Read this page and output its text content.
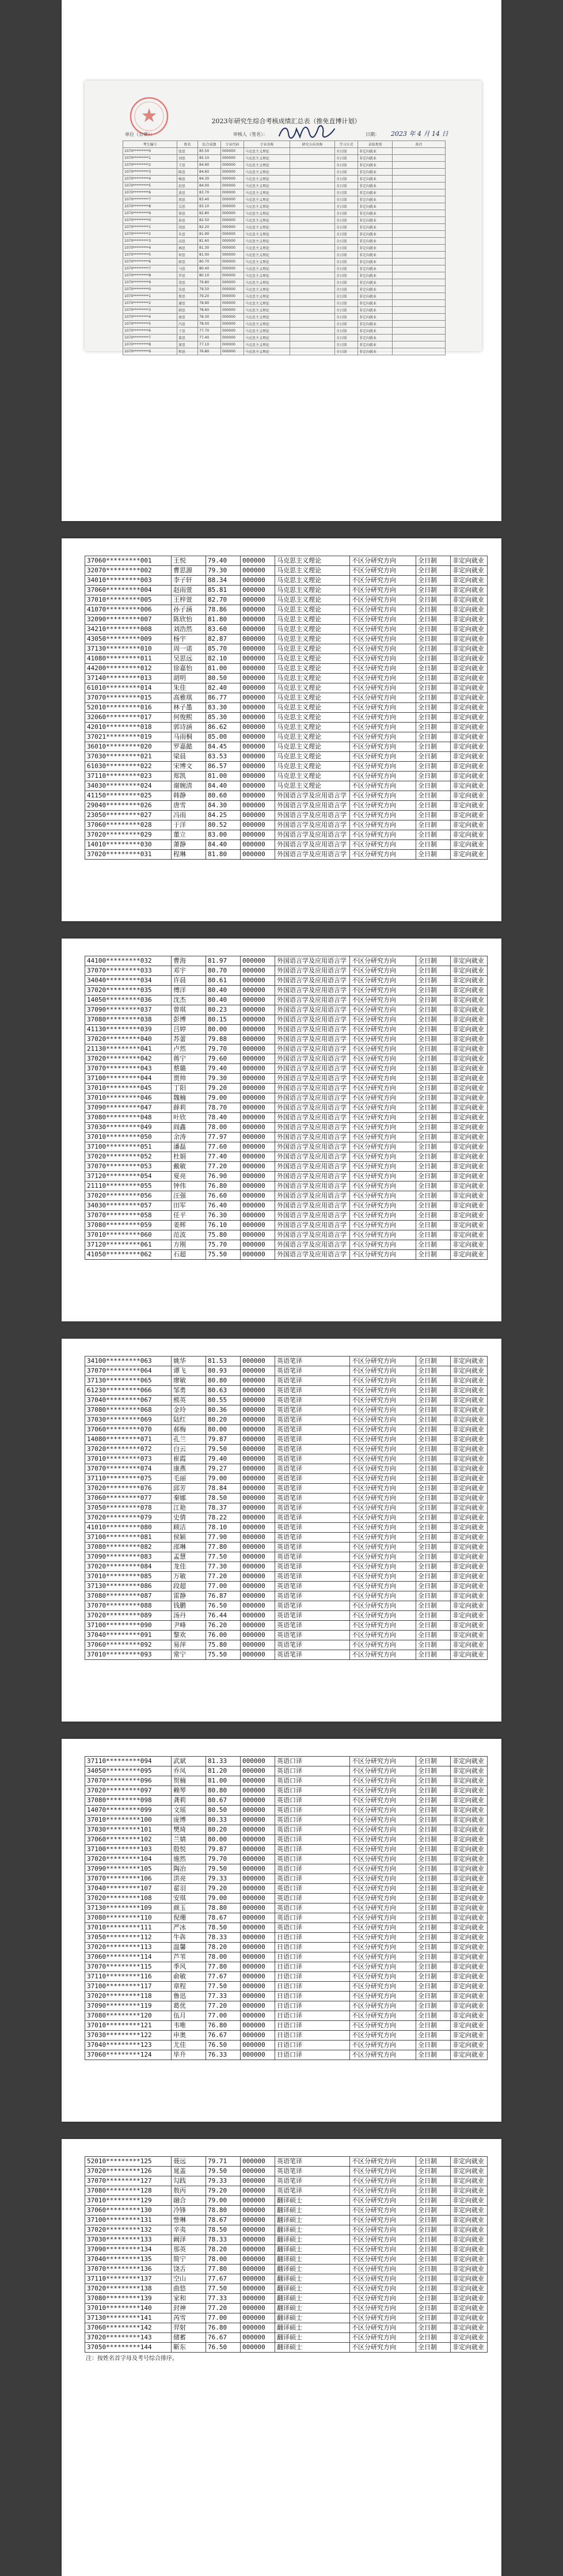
2023年研究生综合考核成绩汇总表（推免直博计划）
单位（公章）：	审核人（签名）：	日期： 2023 年 4 月 14 日
考生编号	姓名	综合成绩	专业代码	专业名称	研究方向名称	学习方式	录取类别	备注
1070*********0	张思	85.50	000000	马克思主义理论		全日制	非定向就业	
1070*********1	刘思	85.10	000000	马克思主义理论		全日制	非定向就业	
1070*********2	王思	84.90	000000	马克思主义理论		全日制	非定向就业	
1070*********3	陈思	84.60	000000	马克思主义理论		全日制	非定向就业	
1070*********4	杨思	84.30	000000	马克思主义理论		全日制	非定向就业	
1070*********5	赵思	84.00	000000	马克思主义理论		全日制	非定向就业	
1070*********6	黄思	83.70	000000	马克思主义理论		全日制	非定向就业	
1070*********7	周思	83.40	000000	马克思主义理论		全日制	非定向就业	
1070*********8	吴思	83.10	000000	马克思主义理论		全日制	非定向就业	
1070*********9	徐思	82.80	000000	马克思主义理论		全日制	非定向就业	
1070*********0	孙思	82.50	000000	马克思主义理论		全日制	非定向就业	
1070*********1	胡思	82.20	000000	马克思主义理论		全日制	非定向就业	
1070*********2	朱思	81.90	000000	马克思主义理论		全日制	非定向就业	
1070*********3	高思	81.60	000000	马克思主义理论		全日制	非定向就业	
1070*********4	林思	81.30	000000	马克思主义理论		全日制	非定向就业	
1070*********5	何思	81.00	000000	马克思主义理论		全日制	非定向就业	
1070*********6	郭思	80.70	000000	马克思主义理论		全日制	非定向就业	
1070*********7	马思	80.40	000000	马克思主义理论		全日制	非定向就业	
1070*********8	罗思	80.10	000000	马克思主义理论		全日制	非定向就业	
1070*********9	梁思	79.80	000000	马克思主义理论		全日制	非定向就业	
1070*********0	宋思	79.50	000000	马克思主义理论		全日制	非定向就业	
1070*********1	郑思	79.20	000000	马克思主义理论		全日制	非定向就业	
1070*********2	谢思	78.90	000000	马克思主义理论		全日制	非定向就业	
1070*********3	韩思	78.60	000000	马克思主义理论		全日制	非定向就业	
1070*********4	唐思	78.30	000000	马克思主义理论		全日制	非定向就业	
1070*********5	冯思	78.00	000000	马克思主义理论		全日制	非定向就业	
1070*********6	于思	77.70	000000	马克思主义理论		全日制	非定向就业	
1070*********7	董思	77.40	000000	马克思主义理论		全日制	非定向就业	
1070*********8	萧思	77.10	000000	马克思主义理论		全日制	非定向就业	
1070*********9	程思	76.80	000000	马克思主义理论		全日制	非定向就业	
37060*********001	王悦	79.40	000000	马克思主义理论	不区分研究方向	全日制	非定向就业
32070*********002	曹思源	79.30	000000	马克思主义理论	不区分研究方向	全日制	非定向就业
34010*********003	李子轩	88.34	000000	马克思主义理论	不区分研究方向	全日制	非定向就业
37060*********004	赵雨萱	85.81	000000	马克思主义理论	不区分研究方向	全日制	非定向就业
37010*********005	王梓萱	82.70	000000	马克思主义理论	不区分研究方向	全日制	非定向就业
41070*********006	孙子涵	78.86	000000	马克思主义理论	不区分研究方向	全日制	非定向就业
32090*********007	陈欣怡	81.80	000000	马克思主义理论	不区分研究方向	全日制	非定向就业
34210*********008	刘浩然	83.60	000000	马克思主义理论	不区分研究方向	全日制	非定向就业
43050*********009	杨宇	82.87	000000	马克思主义理论	不区分研究方向	全日制	非定向就业
37130*********010	周一诺	85.70	000000	马克思主义理论	不区分研究方向	全日制	非定向就业
41080*********011	吴思远	82.10	000000	马克思主义理论	不区分研究方向	全日制	非定向就业
44200*********012	徐嘉怡	81.00	000000	马克思主义理论	不区分研究方向	全日制	非定向就业
37140*********013	胡明	80.50	000000	马克思主义理论	不区分研究方向	全日制	非定向就业
61010*********014	朱佳	82.40	000000	马克思主义理论	不区分研究方向	全日制	非定向就业
37070*********015	高雅琪	86.77	000000	马克思主义理论	不区分研究方向	全日制	非定向就业
52010*********016	林子墨	83.30	000000	马克思主义理论	不区分研究方向	全日制	非定向就业
32060*********017	何俊熙	85.30	000000	马克思主义理论	不区分研究方向	全日制	非定向就业
42010*********018	郭诗涵	86.62	000000	马克思主义理论	不区分研究方向	全日制	非定向就业
37021*********019	马雨桐	85.00	000000	马克思主义理论	不区分研究方向	全日制	非定向就业
36010*********020	罗嘉懿	84.45	000000	马克思主义理论	不区分研究方向	全日制	非定向就业
37030*********021	梁晨	83.53	000000	马克思主义理论	不区分研究方向	全日制	非定向就业
61030*********022	宋博文	86.57	000000	马克思主义理论	不区分研究方向	全日制	非定向就业
37110*********023	郑凯	81.00	000000	马克思主义理论	不区分研究方向	全日制	非定向就业
34030*********024	谢婉清	84.40	000000	马克思主义理论	不区分研究方向	全日制	非定向就业
41150*********025	韩静	80.60	000000	外国语言学及应用语言学	不区分研究方向	全日制	非定向就业
29040*********026	唐雪	84.30	000000	外国语言学及应用语言学	不区分研究方向	全日制	非定向就业
23050*********027	冯雨	84.25	000000	外国语言学及应用语言学	不区分研究方向	全日制	非定向就业
37060*********028	于洋	80.52	000000	外国语言学及应用语言学	不区分研究方向	全日制	非定向就业
37020*********029	董立	83.00	000000	外国语言学及应用语言学	不区分研究方向	全日制	非定向就业
14010*********030	萧静	84.40	000000	外国语言学及应用语言学	不区分研究方向	全日制	非定向就业
37020*********031	程琳	81.80	000000	外国语言学及应用语言学	不区分研究方向	全日制	非定向就业
44100*********032	曹海	81.97	000000	外国语言学及应用语言学	不区分研究方向	全日制	非定向就业
37070*********033	邓宇	80.70	000000	外国语言学及应用语言学	不区分研究方向	全日制	非定向就业
34040*********034	许晨	80.61	000000	外国语言学及应用语言学	不区分研究方向	全日制	非定向就业
37020*********035	傅洋	80.40	000000	外国语言学及应用语言学	不区分研究方向	全日制	非定向就业
14050*********036	沈杰	80.40	000000	外国语言学及应用语言学	不区分研究方向	全日制	非定向就业
37090*********037	曾琪	80.23	000000	外国语言学及应用语言学	不区分研究方向	全日制	非定向就业
37080*********038	彭博	80.15	000000	外国语言学及应用语言学	不区分研究方向	全日制	非定向就业
41130*********039	吕婷	80.00	000000	外国语言学及应用语言学	不区分研究方向	全日制	非定向就业
37020*********040	苏蕾	79.88	000000	外国语言学及应用语言学	不区分研究方向	全日制	非定向就业
21130*********041	卢然	79.70	000000	外国语言学及应用语言学	不区分研究方向	全日制	非定向就业
37020*********042	蒋宁	79.60	000000	外国语言学及应用语言学	不区分研究方向	全日制	非定向就业
37070*********043	蔡璐	79.40	000000	外国语言学及应用语言学	不区分研究方向	全日制	非定向就业
37100*********044	贾帅	79.30	000000	外国语言学及应用语言学	不区分研究方向	全日制	非定向就业
37010*********045	丁阳	79.20	000000	外国语言学及应用语言学	不区分研究方向	全日制	非定向就业
37010*********046	魏楠	79.00	000000	外国语言学及应用语言学	不区分研究方向	全日制	非定向就业
37090*********047	薛莉	78.70	000000	外国语言学及应用语言学	不区分研究方向	全日制	非定向就业
37080*********048	叶欣	78.40	000000	外国语言学及应用语言学	不区分研究方向	全日制	非定向就业
37030*********049	阎鑫	78.00	000000	外国语言学及应用语言学	不区分研究方向	全日制	非定向就业
37010*********050	余涛	77.97	000000	外国语言学及应用语言学	不区分研究方向	全日制	非定向就业
37100*********051	潘磊	77.60	000000	外国语言学及应用语言学	不区分研究方向	全日制	非定向就业
37020*********052	杜娟	77.40	000000	外国语言学及应用语言学	不区分研究方向	全日制	非定向就业
37070*********053	戴敏	77.20	000000	外国语言学及应用语言学	不区分研究方向	全日制	非定向就业
37120*********054	夏亮	76.90	000000	外国语言学及应用语言学	不区分研究方向	全日制	非定向就业
21110*********055	钟伟	76.80	000000	外国语言学及应用语言学	不区分研究方向	全日制	非定向就业
37020*********056	汪强	76.60	000000	外国语言学及应用语言学	不区分研究方向	全日制	非定向就业
34030*********057	田军	76.40	000000	外国语言学及应用语言学	不区分研究方向	全日制	非定向就业
37070*********058	任平	76.30	000000	外国语言学及应用语言学	不区分研究方向	全日制	非定向就业
37080*********059	姜辉	76.10	000000	外国语言学及应用语言学	不区分研究方向	全日制	非定向就业
37010*********060	范波	75.80	000000	外国语言学及应用语言学	不区分研究方向	全日制	非定向就业
37120*********061	方刚	75.70	000000	外国语言学及应用语言学	不区分研究方向	全日制	非定向就业
41050*********062	石超	75.50	000000	外国语言学及应用语言学	不区分研究方向	全日制	非定向就业
34100*********063	姚华	81.53	000000	英语笔译	不区分研究方向	全日制	非定向就业
37070*********064	谭飞	80.93	000000	英语笔译	不区分研究方向	全日制	非定向就业
37130*********065	廖敏	80.80	000000	英语笔译	不区分研究方向	全日制	非定向就业
61230*********066	邹勇	80.63	000000	英语笔译	不区分研究方向	全日制	非定向就业
37040*********067	熊英	80.55	000000	英语笔译	不区分研究方向	全日制	非定向就业
37080*********068	金玲	80.36	000000	英语笔译	不区分研究方向	全日制	非定向就业
37030*********069	陆红	80.20	000000	英语笔译	不区分研究方向	全日制	非定向就业
37060*********070	郝梅	80.00	000000	英语笔译	不区分研究方向	全日制	非定向就业
14080*********071	孔兰	79.87	000000	英语笔译	不区分研究方向	全日制	非定向就业
37020*********072	白云	79.50	000000	英语笔译	不区分研究方向	全日制	非定向就业
37010*********073	崔霞	79.40	000000	英语笔译	不区分研究方向	全日制	非定向就业
37070*********074	康燕	79.27	000000	英语笔译	不区分研究方向	全日制	非定向就业
37110*********075	毛丽	79.00	000000	英语笔译	不区分研究方向	全日制	非定向就业
37020*********076	邱芳	78.84	000000	英语笔译	不区分研究方向	全日制	非定向就业
37060*********077	秦娜	78.50	000000	英语笔译	不区分研究方向	全日制	非定向就业
37050*********078	江艳	78.37	000000	英语笔译	不区分研究方向	全日制	非定向就业
37020*********079	史倩	78.22	000000	英语笔译	不区分研究方向	全日制	非定向就业
41010*********080	顾洁	78.10	000000	英语笔译	不区分研究方向	全日制	非定向就业
37100*********081	侯颖	77.90	000000	英语笔译	不区分研究方向	全日制	非定向就业
37080*********082	邵琳	77.80	000000	英语笔译	不区分研究方向	全日制	非定向就业
37090*********083	孟慧	77.50	000000	英语笔译	不区分研究方向	全日制	非定向就业
37020*********084	龙佳	77.30	000000	英语笔译	不区分研究方向	全日制	非定向就业
37010*********085	万敏	77.20	000000	英语笔译	不区分研究方向	全日制	非定向就业
37130*********086	段超	77.00	000000	英语笔译	不区分研究方向	全日制	非定向就业
37080*********087	雷静	76.87	000000	英语笔译	不区分研究方向	全日制	非定向就业
37070*********088	钱鹏	76.50	000000	英语笔译	不区分研究方向	全日制	非定向就业
37020*********089	汤丹	76.44	000000	英语笔译	不区分研究方向	全日制	非定向就业
37100*********090	尹峰	76.20	000000	英语笔译	不区分研究方向	全日制	非定向就业
37040*********091	黎欢	76.00	000000	英语笔译	不区分研究方向	全日制	非定向就业
37060*********092	易萍	75.80	000000	英语笔译	不区分研究方向	全日制	非定向就业
37010*********093	常宁	75.50	000000	英语笔译	不区分研究方向	全日制	非定向就业
37110*********094	武斌	81.33	000000	英语口译	不区分研究方向	全日制	非定向就业
34050*********095	乔凤	81.20	000000	英语口译	不区分研究方向	全日制	非定向就业
37070*********096	贺楠	81.00	000000	英语口译	不区分研究方向	全日制	非定向就业
37020*********097	赖琴	80.80	000000	英语口译	不区分研究方向	全日制	非定向就业
37080*********098	龚莉	80.67	000000	英语口译	不区分研究方向	全日制	非定向就业
14070*********099	文瑶	80.50	000000	英语口译	不区分研究方向	全日制	非定向就业
37010*********100	庞博	80.33	000000	英语口译	不区分研究方向	全日制	非定向就业
37030*********101	樊琦	80.20	000000	英语口译	不区分研究方向	全日制	非定向就业
37060*********102	兰婧	80.00	000000	英语口译	不区分研究方向	全日制	非定向就业
37100*********103	殷悦	79.87	000000	英语口译	不区分研究方向	全日制	非定向就业
37020*********104	施然	79.70	000000	英语口译	不区分研究方向	全日制	非定向就业
37090*********105	陶冶	79.50	000000	英语口译	不区分研究方向	全日制	非定向就业
37070*********106	洪亮	79.33	000000	英语口译	不区分研究方向	全日制	非定向就业
37040*********107	翟羽	79.20	000000	英语口译	不区分研究方向	全日制	非定向就业
37020*********108	安琪	79.00	000000	英语口译	不区分研究方向	全日制	非定向就业
37130*********109	颜玉	78.80	000000	英语口译	不区分研究方向	全日制	非定向就业
37080*********110	倪珊	78.67	000000	英语口译	不区分研究方向	全日制	非定向就业
37010*********111	严冰	78.50	000000	英语口译	不区分研究方向	全日制	非定向就业
37050*********112	牛犇	78.33	000000	日语口译	不区分研究方向	全日制	非定向就业
37020*********113	温馨	78.20	000000	日语口译	不区分研究方向	全日制	非定向就业
37060*********114	芦苇	78.00	000000	日语口译	不区分研究方向	全日制	非定向就业
37070*********115	季风	77.80	000000	日语口译	不区分研究方向	全日制	非定向就业
37110*********116	俞敏	77.67	000000	日语口译	不区分研究方向	全日制	非定向就业
37100*********117	章程	77.50	000000	日语口译	不区分研究方向	全日制	非定向就业
37020*********118	鲁迅	77.33	000000	日语口译	不区分研究方向	全日制	非定向就业
37090*********119	葛优	77.20	000000	日语口译	不区分研究方向	全日制	非定向就业
37080*********120	伍月	77.00	000000	日语口译	不区分研究方向	全日制	非定向就业
37010*********121	韦唯	76.80	000000	日语口译	不区分研究方向	全日制	非定向就业
37030*********122	申奥	76.67	000000	日语口译	不区分研究方向	全日制	非定向就业
37040*********123	尤佳	76.50	000000	日语口译	不区分研究方向	全日制	非定向就业
37060*********124	毕升	76.33	000000	日语口译	不区分研究方向	全日制	非定向就业
52010*********125	聂远	79.71	000000	英语笔译	不区分研究方向	全日制	非定向就业
37020*********126	晁盖	79.50	000000	英语笔译	不区分研究方向	全日制	非定向就业
37070*********127	勾践	79.33	000000	英语笔译	不区分研究方向	全日制	非定向就业
37080*********128	敖丙	79.20	000000	英语笔译	不区分研究方向	全日制	非定向就业
37010*********129	融合	79.00	000000	翻译硕士	不区分研究方向	全日制	非定向就业
37060*********130	冷锋	78.80	000000	翻译硕士	不区分研究方向	全日制	非定向就业
37100*********131	訾琳	78.67	000000	翻译硕士	不区分研究方向	全日制	非定向就业
37020*********132	辛夷	78.50	000000	翻译硕士	不区分研究方向	全日制	非定向就业
37030*********133	阚泽	78.33	000000	翻译硕士	不区分研究方向	全日制	非定向就业
37090*********134	那英	78.20	000000	翻译硕士	不区分研究方向	全日制	非定向就业
37040*********135	简宁	78.00	000000	翻译硕士	不区分研究方向	全日制	非定向就业
37070*********136	饶舌	77.80	000000	翻译硕士	不区分研究方向	全日制	非定向就业
37110*********137	空山	77.67	000000	翻译硕士	不区分研究方向	全日制	非定向就业
37020*********138	曲悠	77.50	000000	翻译硕士	不区分研究方向	全日制	非定向就业
37080*********139	家和	77.33	000000	翻译硕士	不区分研究方向	全日制	非定向就业
37010*********140	封神	77.20	000000	翻译硕士	不区分研究方向	全日制	非定向就业
37130*********141	芮雪	77.00	000000	翻译硕士	不区分研究方向	全日制	非定向就业
37060*********142	羿射	76.80	000000	翻译硕士	不区分研究方向	全日制	非定向就业
37020*********143	储蓄	76.67	000000	翻译硕士	不区分研究方向	全日制	非定向就业
37050*********144	靳东	76.50	000000	翻译硕士	不区分研究方向	全日制	非定向就业
注：按姓名首字母及考号综合排序。
